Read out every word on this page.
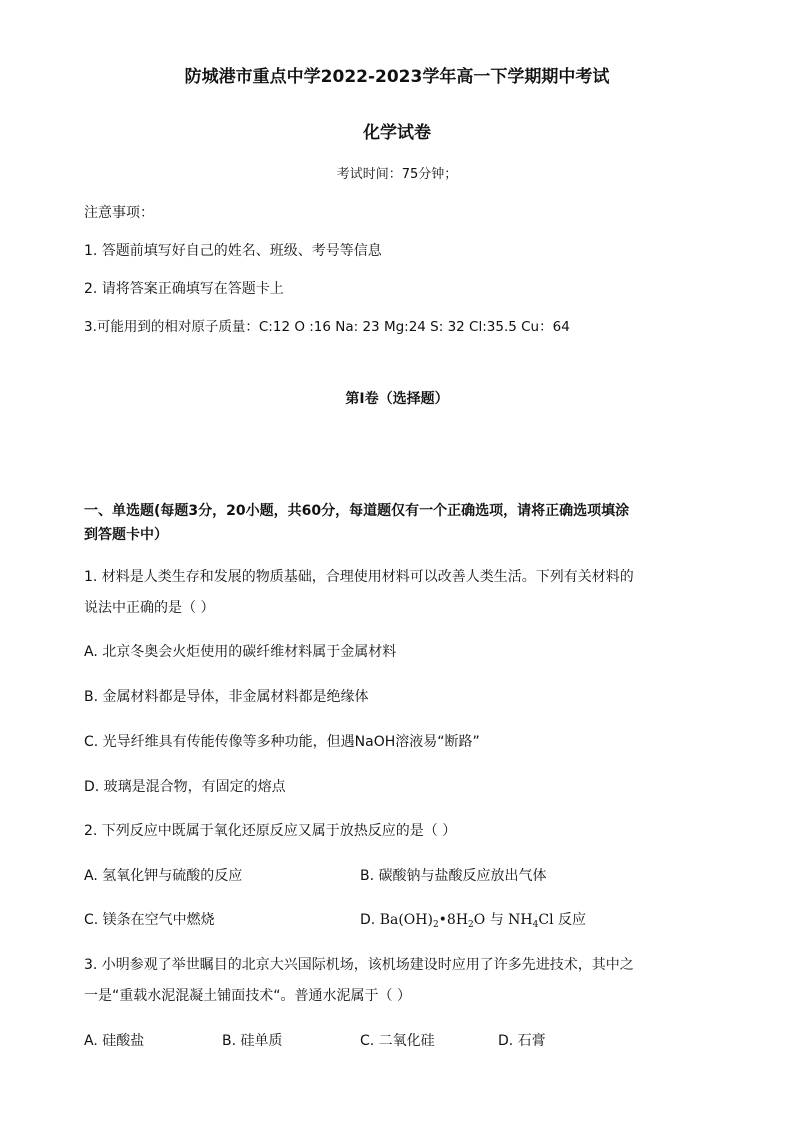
防城港市重点中学2022-2023学年高一下学期期中考试
化学试卷
考试时间：75分钟；
注意事项：
1. 答题前填写好自己的姓名、班级、考号等信息
2. 请将答案正确填写在答题卡上
3.可能用到的相对原子质量：C:12 O :16 Na: 23 Mg:24 S: 32 Cl:35.5 Cu：64
第I卷（选择题）
一、单选题(每题3分，20小题，共60分，每道题仅有一个正确选项，请将正确选项填涂
到答题卡中）
1. 材料是人类生存和发展的物质基础，合理使用材料可以改善人类生活。下列有关材料的
说法中正确的是（ ）
A. 北京冬奥会火炬使用的碳纤维材料属于金属材料
B. 金属材料都是导体，非金属材料都是绝缘体
C. 光导纤维具有传能传像等多种功能，但遇NaOH溶液易“断路”
D. 玻璃是混合物，有固定的熔点
2. 下列反应中既属于氧化还原反应又属于放热反应的是（ ）
A. 氢氧化钾与硫酸的反应	B. 碳酸钠与盐酸反应放出气体
C. 镁条在空气中燃烧	D. $Ba(OH)_2•8H_2O$ 与 $NH_4Cl$ 反应
3. 小明参观了举世瞩目的北京大兴国际机场，该机场建设时应用了许多先进技术，其中之
一是“重载水泥混凝土铺面技术“。普通水泥属于（ ）
A. 硅酸盐	B. 硅单质	C. 二氧化硅	D. 石膏
